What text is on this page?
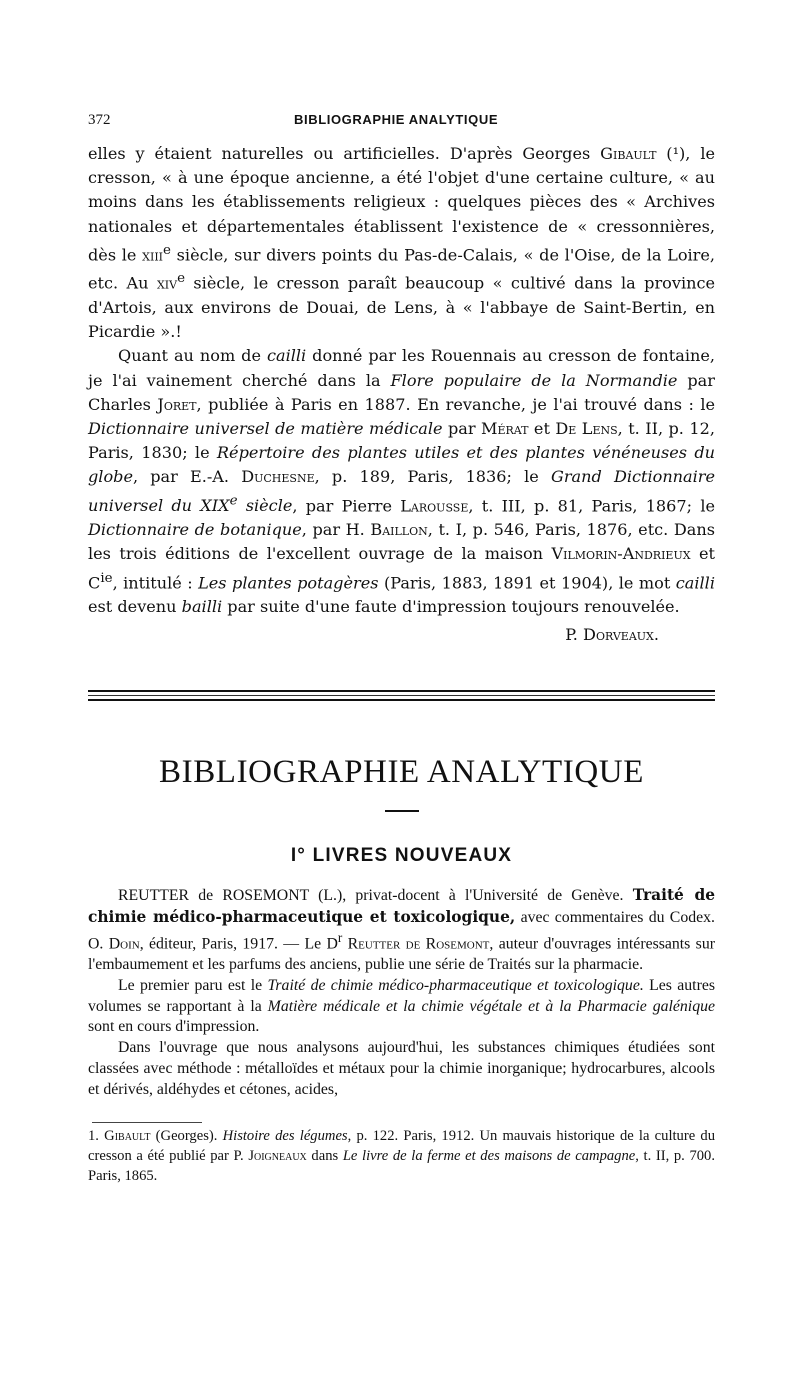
372	BIBLIOGRAPHIE ANALYTIQUE

elles y étaient naturelles ou artificielles. D'après Georges Gibault (¹), le cresson, « à une époque ancienne, a été l'objet d'une certaine culture, « au moins dans les établissements religieux : quelques pièces des « Archives nationales et départementales établissent l'existence de « cressonnières, dès le xiii$^e$ siècle, sur divers points du Pas-de-Calais, « de l'Oise, de la Loire, etc. Au xiv$^e$ siècle, le cresson paraît beaucoup « cultivé dans la province d'Artois, aux environs de Douai, de Lens, à « l'abbaye de Saint-Bertin, en Picardie ».!

Quant au nom de cailli donné par les Rouennais au cresson de fontaine, je l'ai vainement cherché dans la Flore populaire de la Normandie par Charles Joret, publiée à Paris en 1887. En revanche, je l'ai trouvé dans : le Dictionnaire universel de matière médicale par Mérat et De Lens, t. II, p. 12, Paris, 1830; le Répertoire des plantes utiles et des plantes vénéneuses du globe, par E.-A. Duchesne, p. 189, Paris, 1836; le Grand Dictionnaire universel du XIXe siècle, par Pierre Larousse, t. III, p. 81, Paris, 1867; le Dictionnaire de botanique, par H. Baillon, t. I, p. 546, Paris, 1876, etc. Dans les trois éditions de l'excellent ouvrage de la maison Vilmorin-Andrieux et $C^{ie}$, intitulé : Les plantes potagères (Paris, 1883, 1891 et 1904), le mot cailli est devenu bailli par suite d'une faute d'impression toujours renouvelée.

P. Dorveaux.

BIBLIOGRAPHIE ANALYTIQUE
I° LIVRES NOUVEAUX

REUTTER de ROSEMONT (L.), privat-docent à l'Université de Genève. Traité de chimie médico-pharmaceutique et toxicologique, avec commentaires du Codex. O. Doin, éditeur, Paris, 1917. — Le $D^r$ Reutter de Rosemont, auteur d'ouvrages intéressants sur l'embaumement et les parfums des anciens, publie une série de Traités sur la pharmacie.

Le premier paru est le Traité de chimie médico-pharmaceutique et toxicologique. Les autres volumes se rapportant à la Matière médicale et la chimie végétale et à la Pharmacie galénique sont en cours d'impression.

Dans l'ouvrage que nous analysons aujourd'hui, les substances chimiques étudiées sont classées avec méthode : métalloïdes et métaux pour la chimie inorganique; hydrocarbures, alcools et dérivés, aldéhydes et cétones, acides,

1. Gibault (Georges). Histoire des légumes, p. 122. Paris, 1912. Un mauvais historique de la culture du cresson a été publié par P. Joigneaux dans Le livre de la ferme et des maisons de campagne, t. II, p. 700. Paris, 1865.
